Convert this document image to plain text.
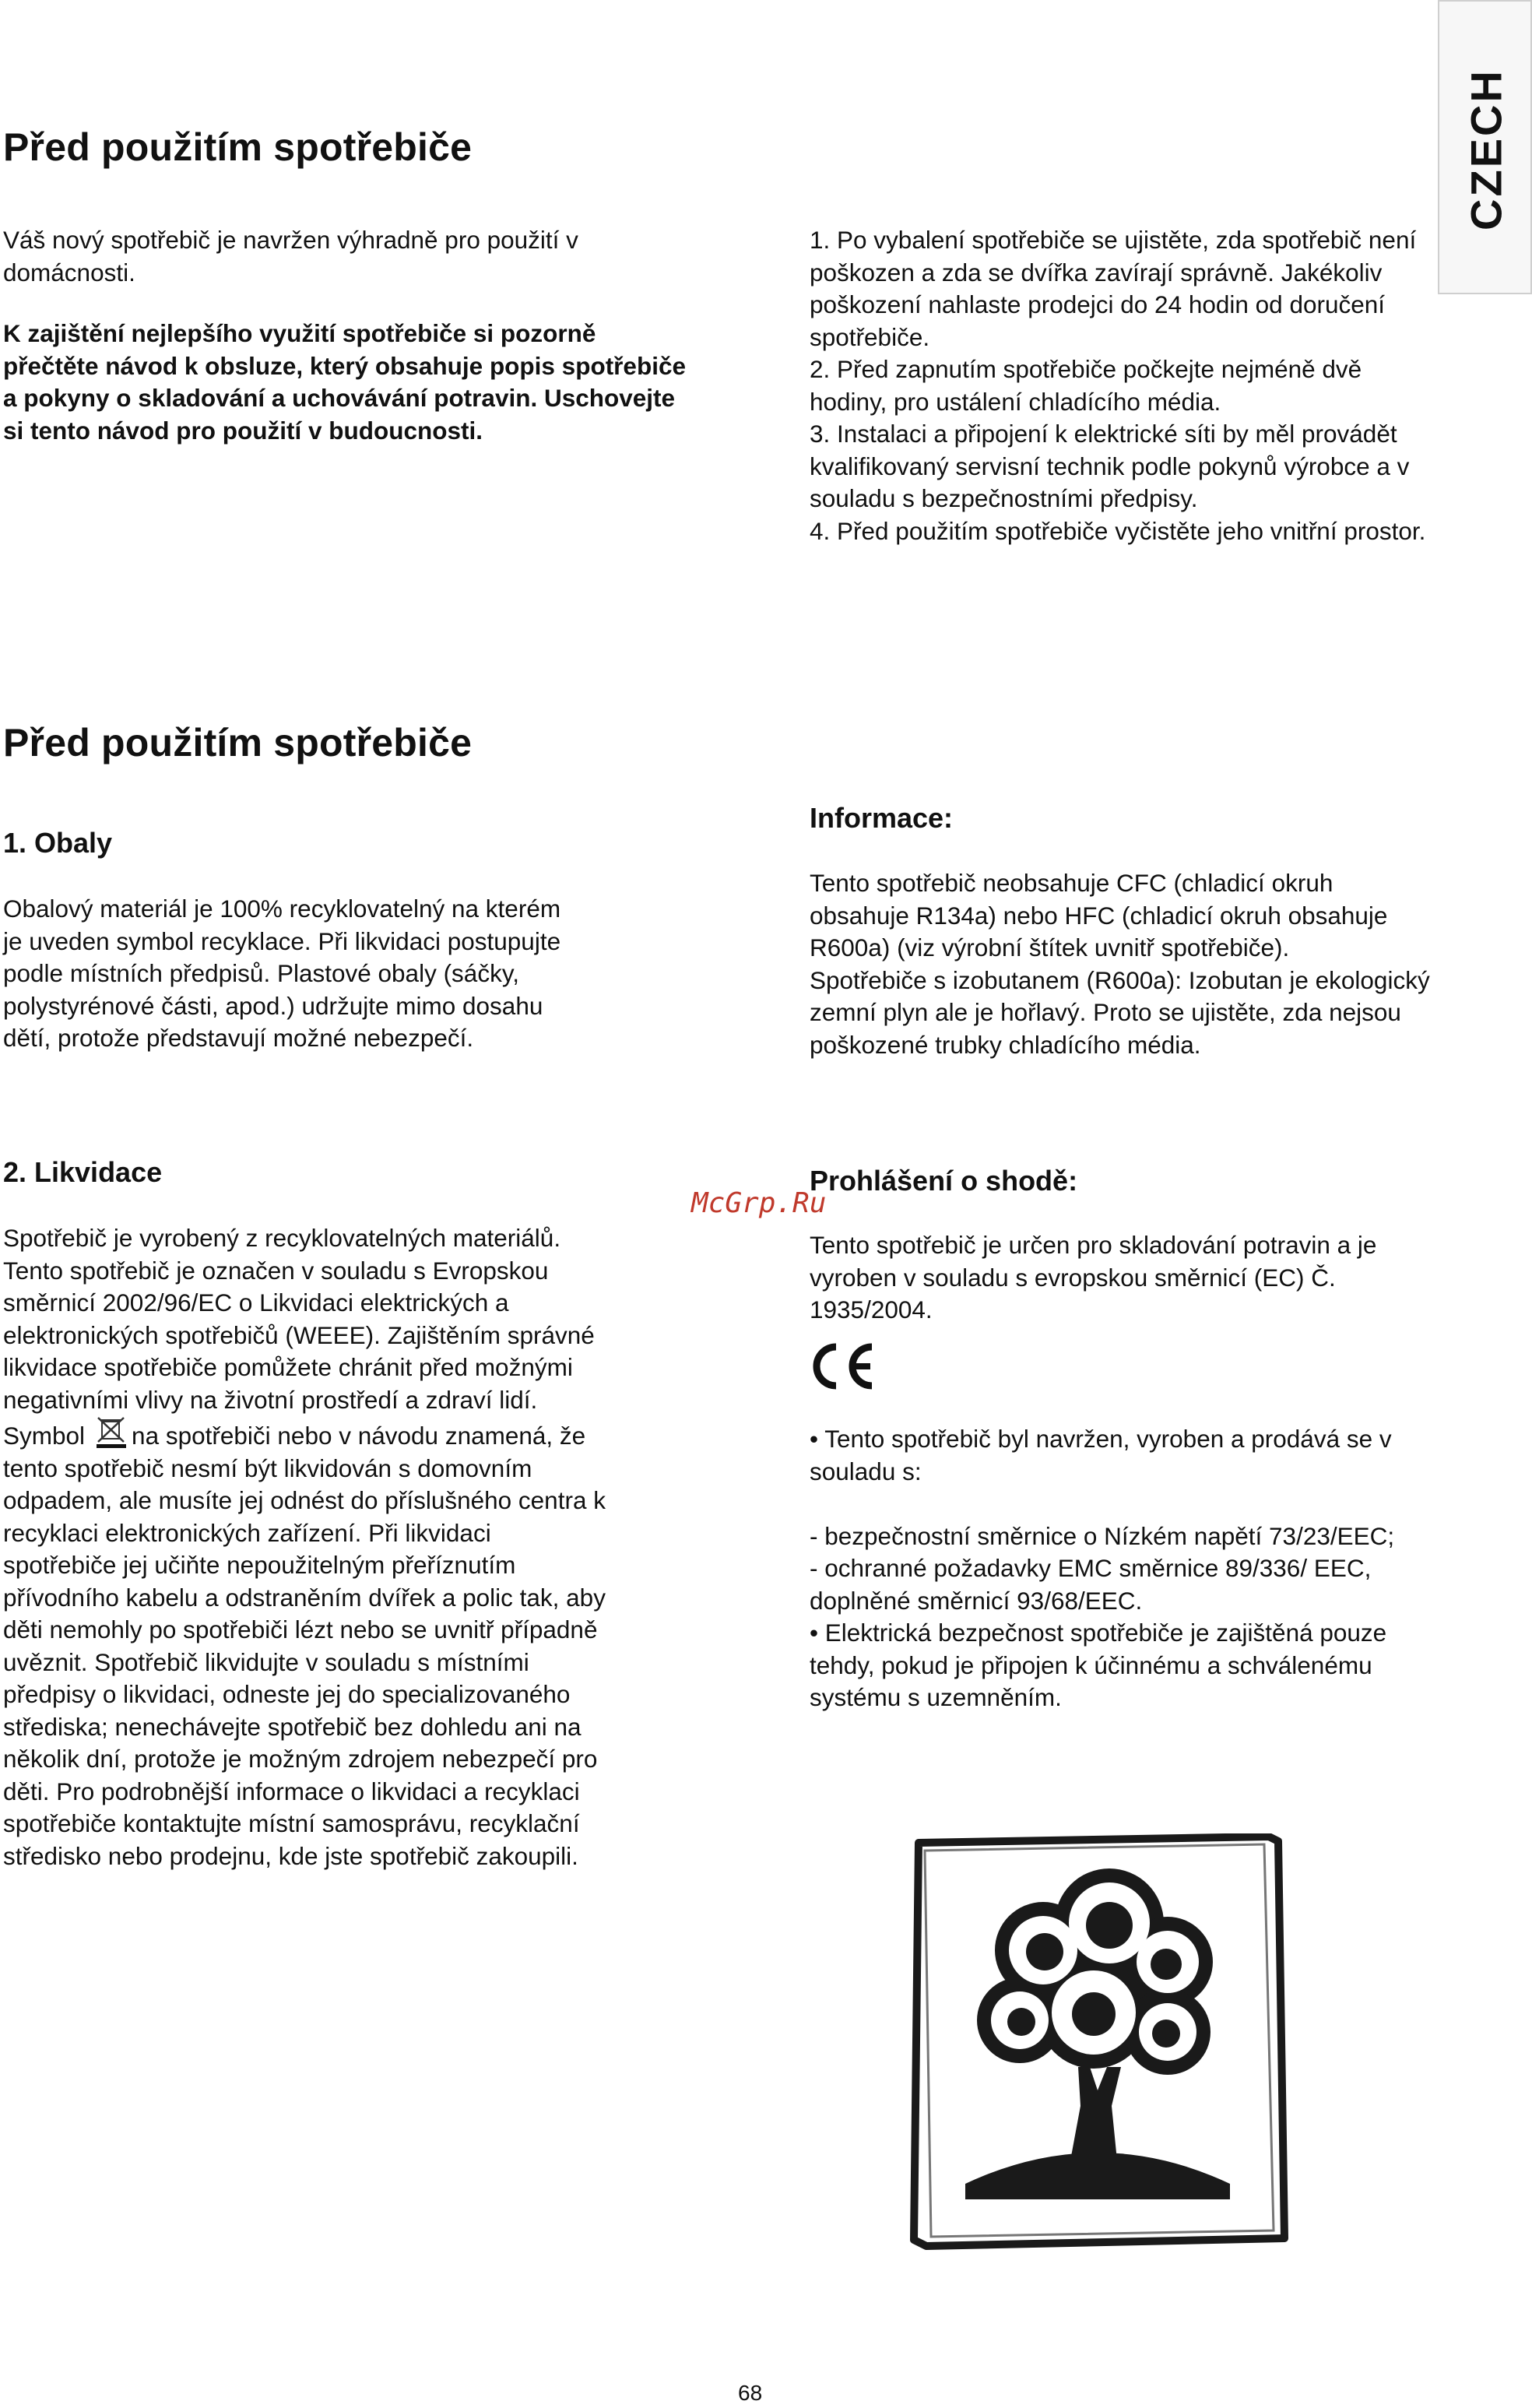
CZECH
Před použitím spotřebiče
Váš nový spotřebič je navržen výhradně pro použití v domácnosti.
K zajištění nejlepšího využití spotřebiče si pozorně přečtěte návod k obsluze, který obsahuje popis spotřebiče a pokyny o skladování a uchovávání potravin. Uschovejte si tento návod pro použití v budoucnosti.

1. Po vybalení spotřebiče se ujistěte, zda spotřebič není poškozen a zda se dvířka zavírají správně. Jakékoliv poškození nahlaste prodejci do 24 hodin od doručení spotřebiče.

2. Před zapnutím spotřebiče počkejte nejméně dvě hodiny, pro ustálení chladícího média.

3. Instalaci a připojení k elektrické síti by měl provádět kvalifikovaný servisní technik podle pokynů výrobce a v souladu s bezpečnostními předpisy.

4. Před použitím spotřebiče vyčistěte jeho vnitřní prostor.

Před použitím spotřebiče
1. Obaly
Obalový materiál je 100% recyklovatelný na kterém je uveden symbol recyklace. Při likvidaci postupujte podle místních předpisů. Plastové obaly (sáčky, polystyrénové části, apod.) udržujte mimo dosahu dětí, protože představují možné nebezpečí.
2. Likvidace

Spotřebič je vyrobený z recyklovatelných materiálů. Tento spotřebič je označen v souladu s Evropskou směrnicí 2002/96/EC o Likvidaci elektrických a elektronických spotřebičů (WEEE). Zajištěním správné likvidace spotřebiče pomůžete chránit před možnými negativními vlivy na životní prostředí a zdraví lidí.

Symbol na spotřebiči nebo v návodu znamená, že tento spotřebič nesmí být likvidován s domovním odpadem, ale musíte jej odnést do příslušného centra k recyklaci elektronických zařízení. Při likvidaci spotřebiče jej učiňte nepoužitelným přeříznutím přívodního kabelu a odstraněním dvířek a polic tak, aby děti nemohly po spotřebiči lézt nebo se uvnitř případně uvěznit. Spotřebič likvidujte v souladu s místními předpisy o likvidaci, odneste jej do specializovaného střediska; nenechávejte spotřebič bez dohledu ani na několik dní, protože je možným zdrojem nebezpečí pro děti. Pro podrobnější informace o likvidaci a recyklaci spotřebiče kontaktujte místní samosprávu, recyklační středisko nebo prodejnu, kde jste spotřebič zakoupili.

Informace:

Tento spotřebič neobsahuje CFC (chladicí okruh obsahuje R134a) nebo HFC (chladicí okruh obsahuje R600a) (viz výrobní štítek uvnitř spotřebiče).

Spotřebiče s izobutanem (R600a): Izobutan je ekologický zemní plyn ale je hořlavý. Proto se ujistěte, zda nejsou poškozené trubky chladícího média.

Prohlášení o shodě:
Tento spotřebič je určen pro skladování potravin a je vyroben v souladu s evropskou směrnicí (EC) Č. 1935/2004.

• Tento spotřebič byl navržen, vyroben a prodává se v souladu s:

- bezpečnostní směrnice o Nízkém napětí 73/23/EEC;

- ochranné požadavky EMC směrnice 89/336/ EEC, doplněné směrnicí 93/68/EEC.

• Elektrická bezpečnost spotřebiče je zajištěná pouze tehdy, pokud je připojen k účinnému a schválenému systému s uzemněním.

McGrp.Ru
68
